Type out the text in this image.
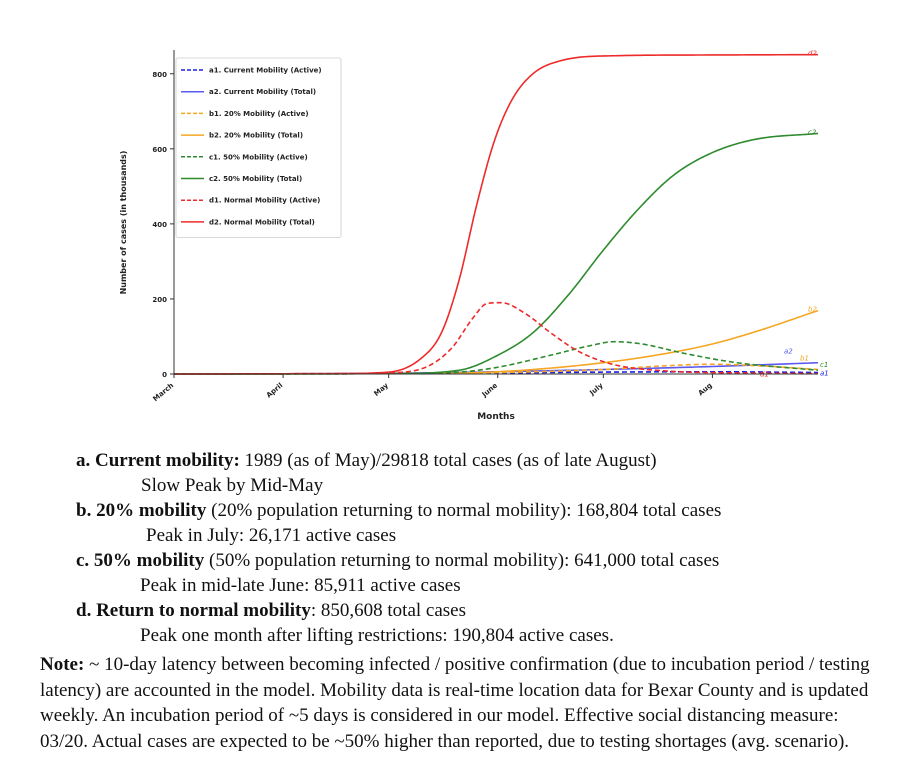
a1
a2
b1
b2
c1
c2
d1
d2
0
200
400
600
800
March	April	May	June	July	Aug
Months
Number of cases (in thousands)
a1. Current Mobility (Active)
a2. Current Mobility (Total)
b1. 20% Mobility (Active)
b2. 20% Mobility (Total)
c1. 50% Mobility (Active)
c2. 50% Mobility (Total)
d1. Normal Mobility (Active)
d2. Normal Mobility (Total)
a. Current mobility: 1989 (as of May)/29818 total cases (as of late August)
Slow Peak by Mid-May
b. 20% mobility (20% population returning to normal mobility): 168,804 total cases
Peak in July: 26,171 active cases
c. 50% mobility (50% population returning to normal mobility): 641,000 total cases
Peak in mid-late June: 85,911 active cases
d. Return to normal mobility: 850,608 total cases
Peak one month after lifting restrictions: 190,804 active cases.
Note: ~ 10-day latency between becoming infected / positive confirmation (due to incubation period / testing latency) are accounted in the model. Mobility data is real-time location data for Bexar County and is updated weekly. An incubation period of ~5 days is considered in our model. Effective social distancing measure: 03/20. Actual cases are expected to be ~50% higher than reported, due to testing shortages (avg. scenario).
